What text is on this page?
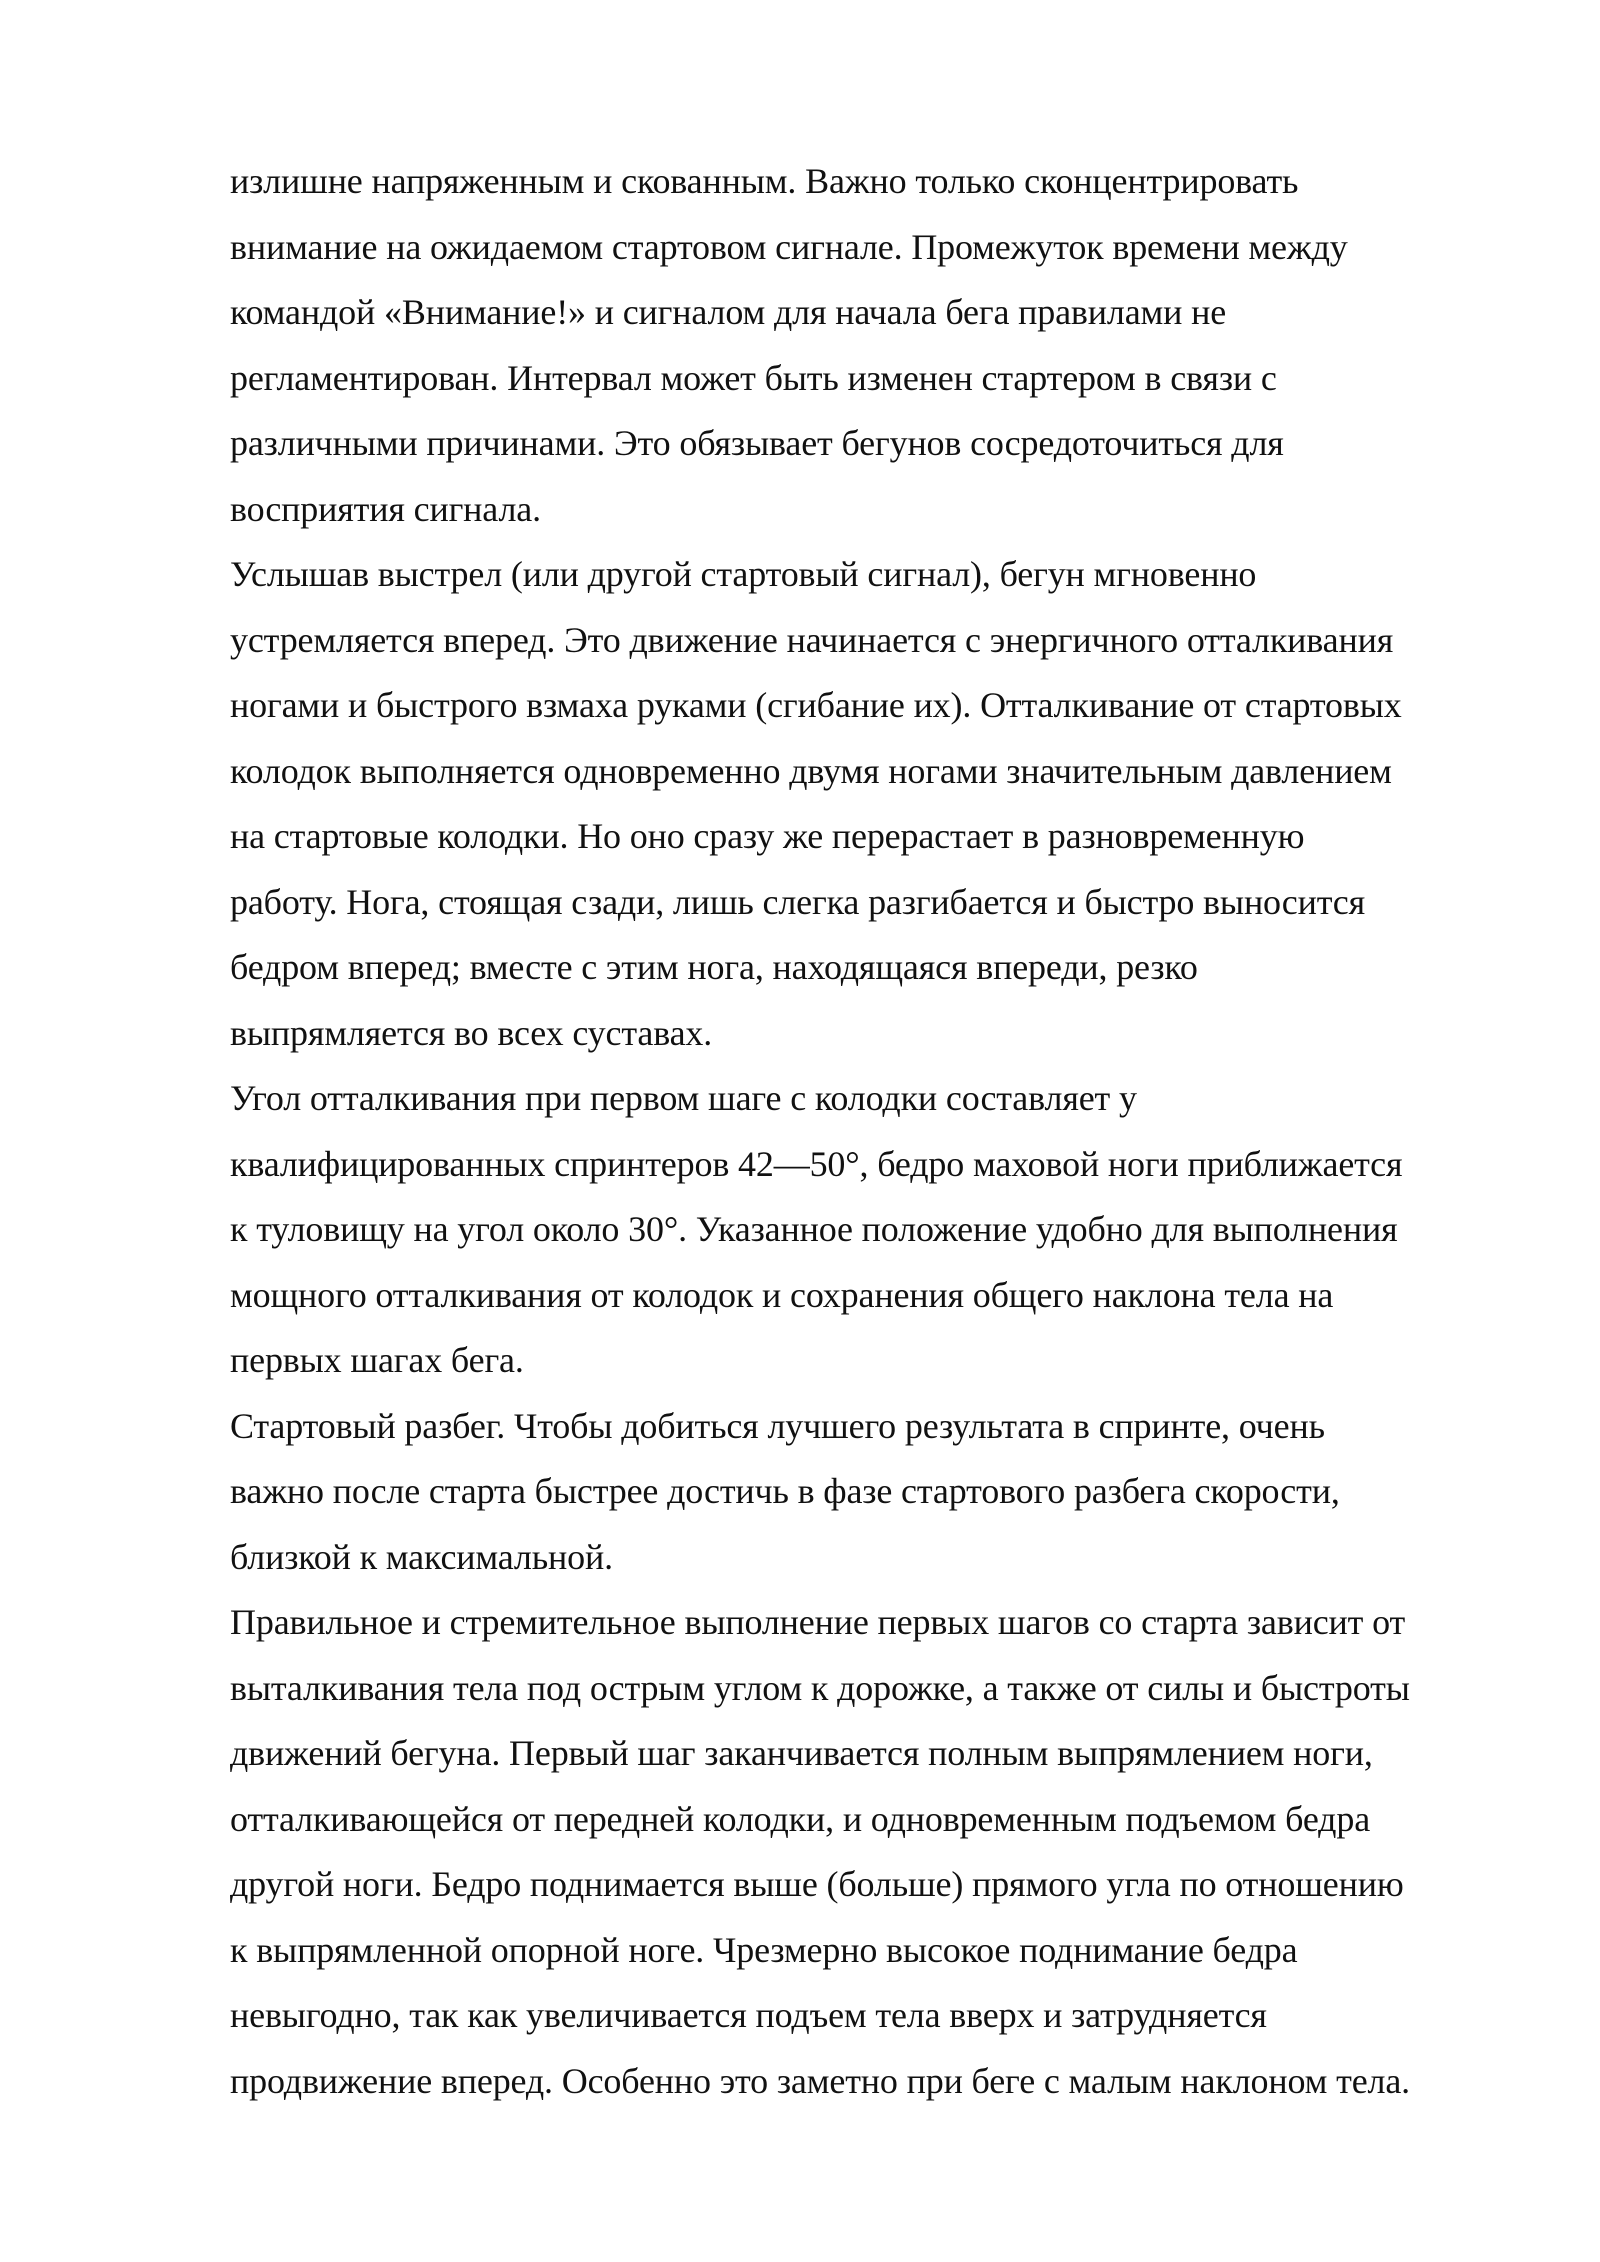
излишне напряженным и скованным. Важно только сконцентрировать
внимание на ожидаемом стартовом сигнале. Промежуток времени между
командой «Внимание!» и сигналом для начала бега правилами не
регламентирован. Интервал может быть изменен стартером в связи с
различными причинами. Это обязывает бегунов сосредоточиться для
восприятия сигнала.
Услышав выстрел (или другой стартовый сигнал), бегун мгновенно
устремляется вперед. Это движение начинается с энергичного отталкивания
ногами и быстрого взмаха руками (сгибание их). Отталкивание от стартовых
колодок выполняется одновременно двумя ногами значительным давлением
на стартовые колодки. Но оно сразу же перерастает в разновременную
работу. Нога, стоящая сзади, лишь слегка разгибается и быстро выносится
бедром вперед; вместе с этим нога, находящаяся впереди, резко
выпрямляется во всех суставах.
Угол отталкивания при первом шаге с колодки составляет у
квалифицированных спринтеров 42—50°, бедро маховой ноги приближается
к туловищу на угол около 30°. Указанное положение удобно для выполнения
мощного отталкивания от колодок и сохранения общего наклона тела на
первых шагах бега.
Стартовый разбег. Чтобы добиться лучшего результата в спринте, очень
важно после старта быстрее достичь в фазе стартового разбега скорости,
близкой к максимальной.
Правильное и стремительное выполнение первых шагов со старта зависит от
выталкивания тела под острым углом к дорожке, а также от силы и быстроты
движений бегуна. Первый шаг заканчивается полным выпрямлением ноги,
отталкивающейся от передней колодки, и одновременным подъемом бедра
другой ноги. Бедро поднимается выше (больше) прямого угла по отношению
к выпрямленной опорной ноге. Чрезмерно высокое поднимание бедра
невыгодно, так как увеличивается подъем тела вверх и затрудняется
продвижение вперед. Особенно это заметно при беге с малым наклоном тела.
